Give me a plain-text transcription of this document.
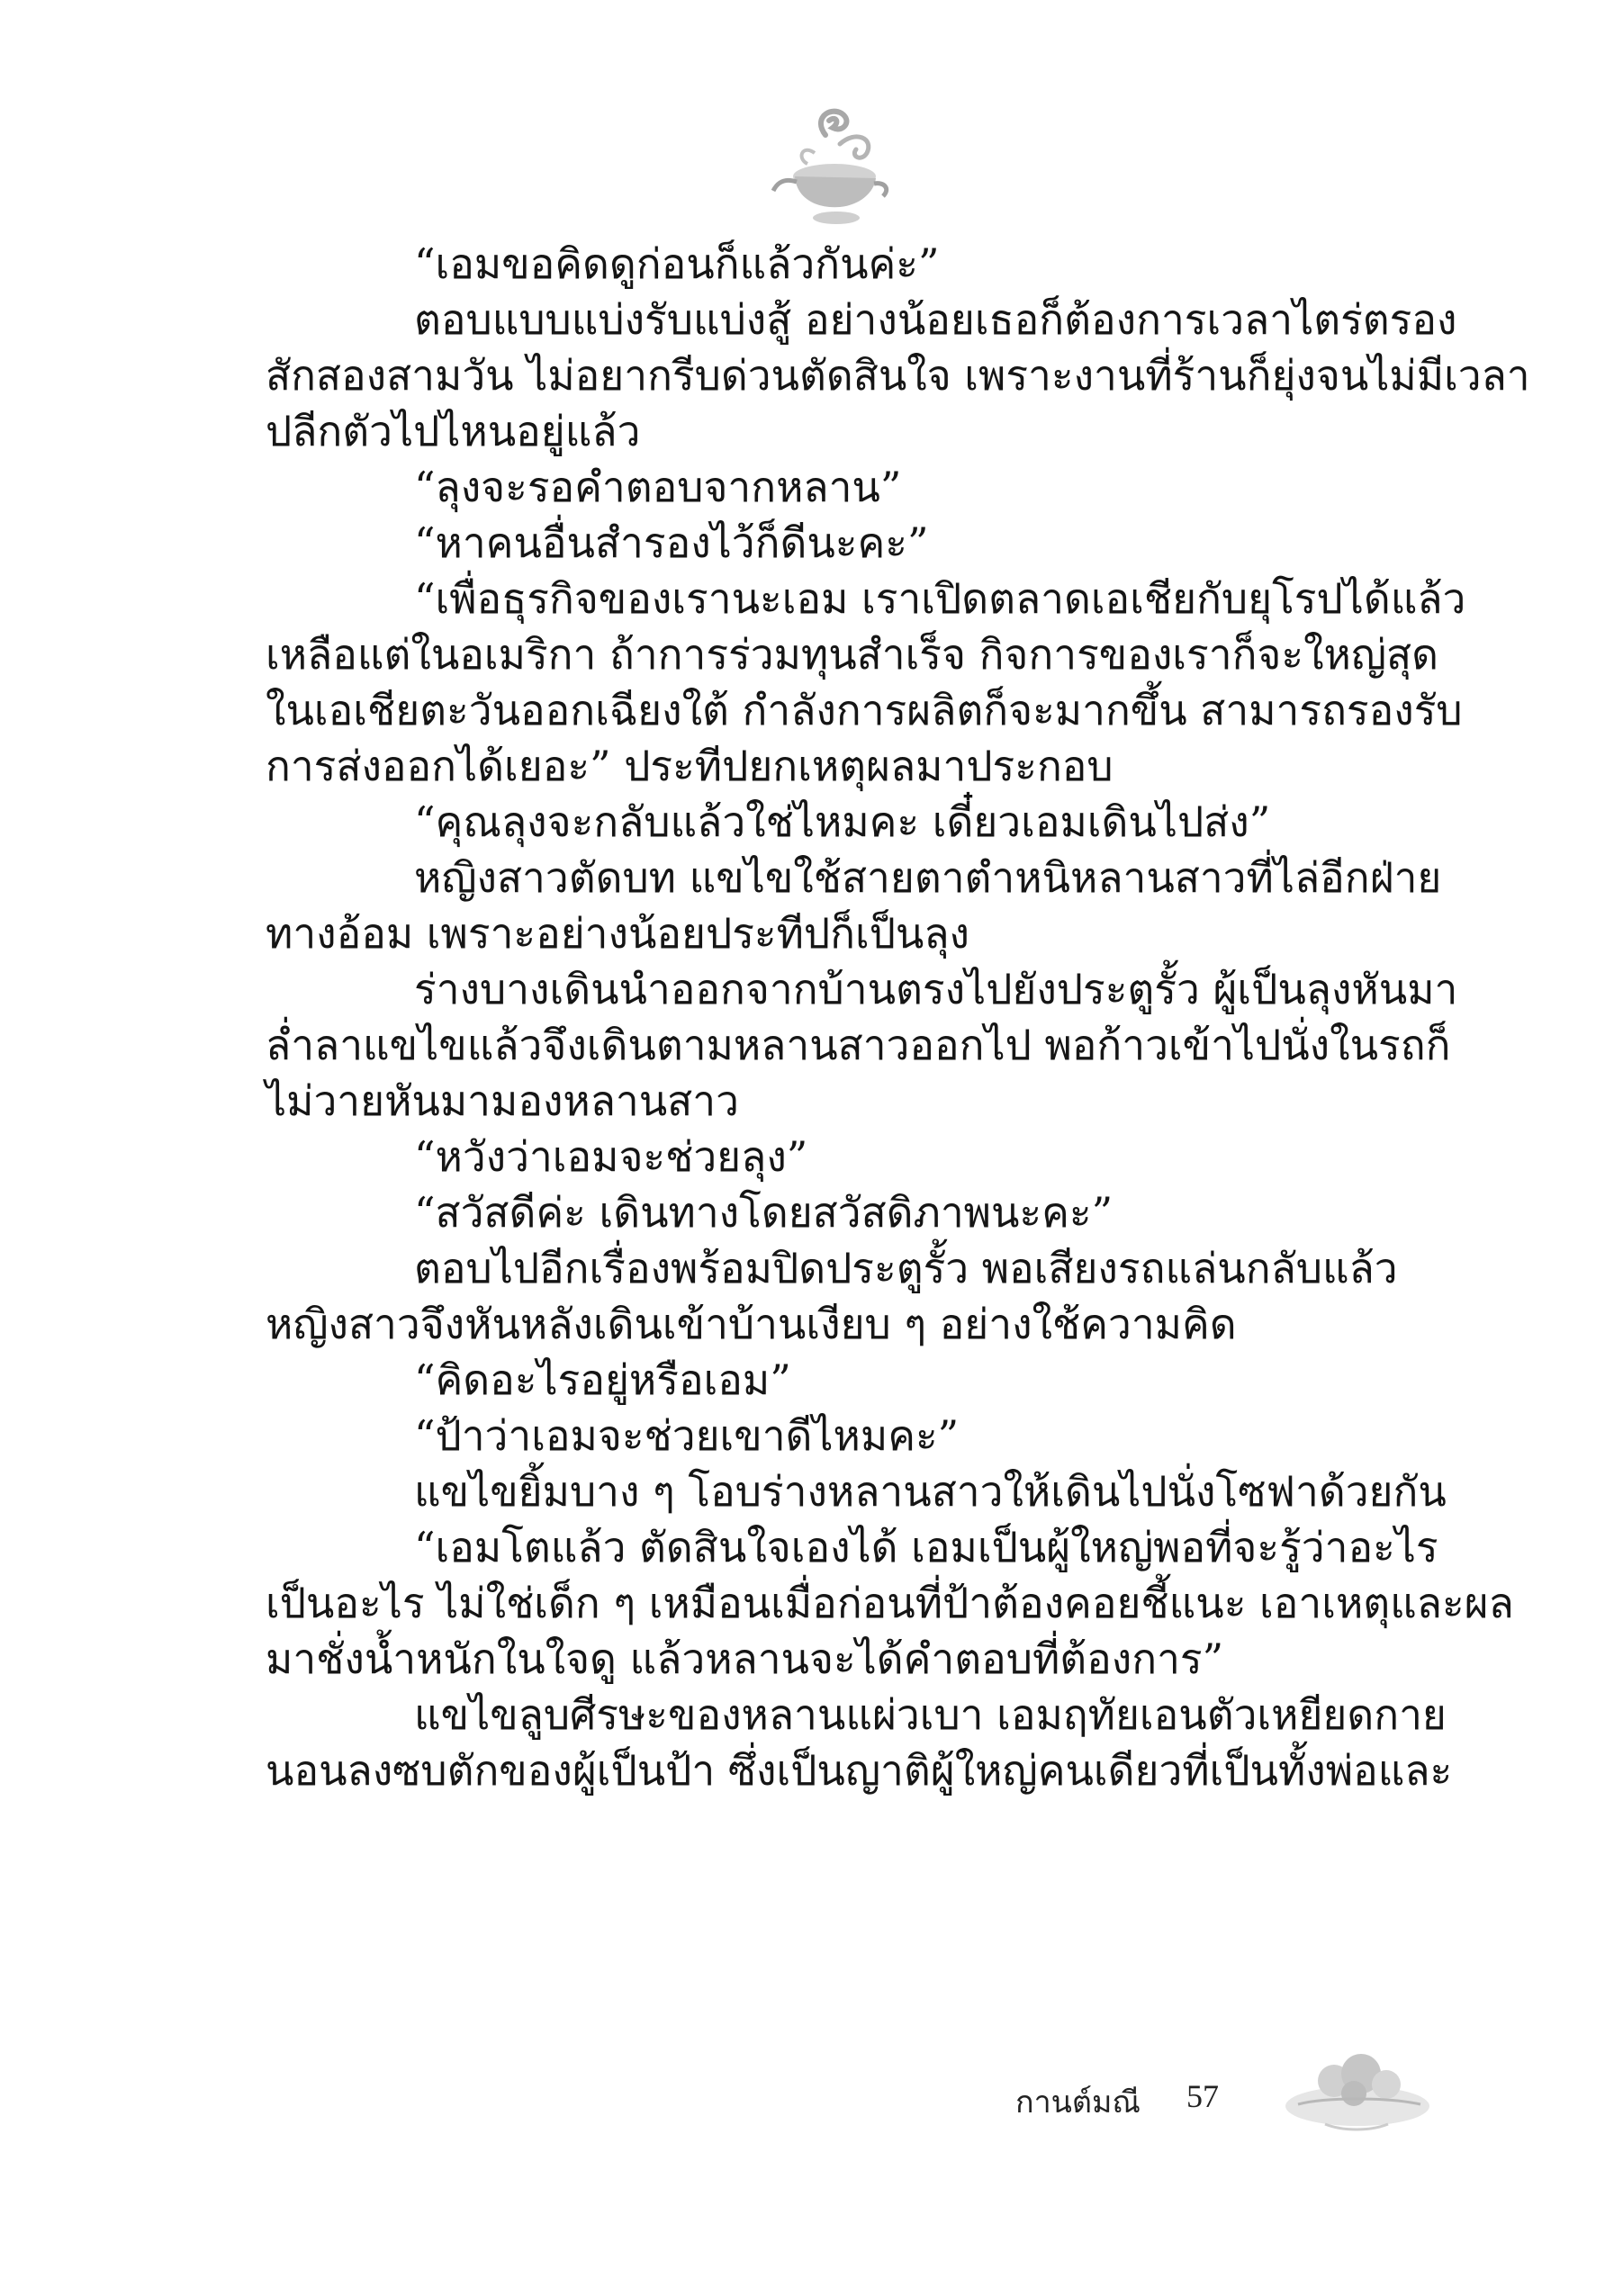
“เอมขอคิดดูก่อนก็แล้วกันค่ะ”

ตอบแบบแบ่งรับแบ่งสู้ อย่างน้อยเธอก็ต้องการเวลาไตร่ตรอง

สักสองสามวัน ไม่อยากรีบด่วนตัดสินใจ เพราะงานที่ร้านก็ยุ่งจนไม่มีเวลา

ปลีกตัวไปไหนอยู่แล้ว

“ลุงจะรอคำตอบจากหลาน”

“หาคนอื่นสำรองไว้ก็ดีนะคะ”

“เพื่อธุรกิจของเรานะเอม เราเปิดตลาดเอเชียกับยุโรปได้แล้ว

เหลือแต่ในอเมริกา ถ้าการร่วมทุนสำเร็จ กิจการของเราก็จะใหญ่สุด

ในเอเชียตะวันออกเฉียงใต้ กำลังการผลิตก็จะมากขึ้น สามารถรองรับ

การส่งออกได้เยอะ” ประทีปยกเหตุผลมาประกอบ

“คุณลุงจะกลับแล้วใช่ไหมคะ เดี๋ยวเอมเดินไปส่ง”

หญิงสาวตัดบท แขไขใช้สายตาตำหนิหลานสาวที่ไล่อีกฝ่าย

ทางอ้อม เพราะอย่างน้อยประทีปก็เป็นลุง

ร่างบางเดินนำออกจากบ้านตรงไปยังประตูรั้ว ผู้เป็นลุงหันมา

ล่ำลาแขไขแล้วจึงเดินตามหลานสาวออกไป พอก้าวเข้าไปนั่งในรถก็

ไม่วายหันมามองหลานสาว

“หวังว่าเอมจะช่วยลุง”

“สวัสดีค่ะ เดินทางโดยสวัสดิภาพนะคะ”

ตอบไปอีกเรื่องพร้อมปิดประตูรั้ว พอเสียงรถแล่นกลับแล้ว

หญิงสาวจึงหันหลังเดินเข้าบ้านเงียบ ๆ อย่างใช้ความคิด

“คิดอะไรอยู่หรือเอม”

“ป้าว่าเอมจะช่วยเขาดีไหมคะ”

แขไขยิ้มบาง ๆ โอบร่างหลานสาวให้เดินไปนั่งโซฟาด้วยกัน

“เอมโตแล้ว ตัดสินใจเองได้ เอมเป็นผู้ใหญ่พอที่จะรู้ว่าอะไร

เป็นอะไร ไม่ใช่เด็ก ๆ เหมือนเมื่อก่อนที่ป้าต้องคอยชี้แนะ เอาเหตุและผล

มาชั่งน้ำหนักในใจดู แล้วหลานจะได้คำตอบที่ต้องการ”

แขไขลูบศีรษะของหลานแผ่วเบา เอมฤทัยเอนตัวเหยียดกาย

นอนลงซบตักของผู้เป็นป้า ซึ่งเป็นญาติผู้ใหญ่คนเดียวที่เป็นทั้งพ่อและ

กานต์มณี 57
